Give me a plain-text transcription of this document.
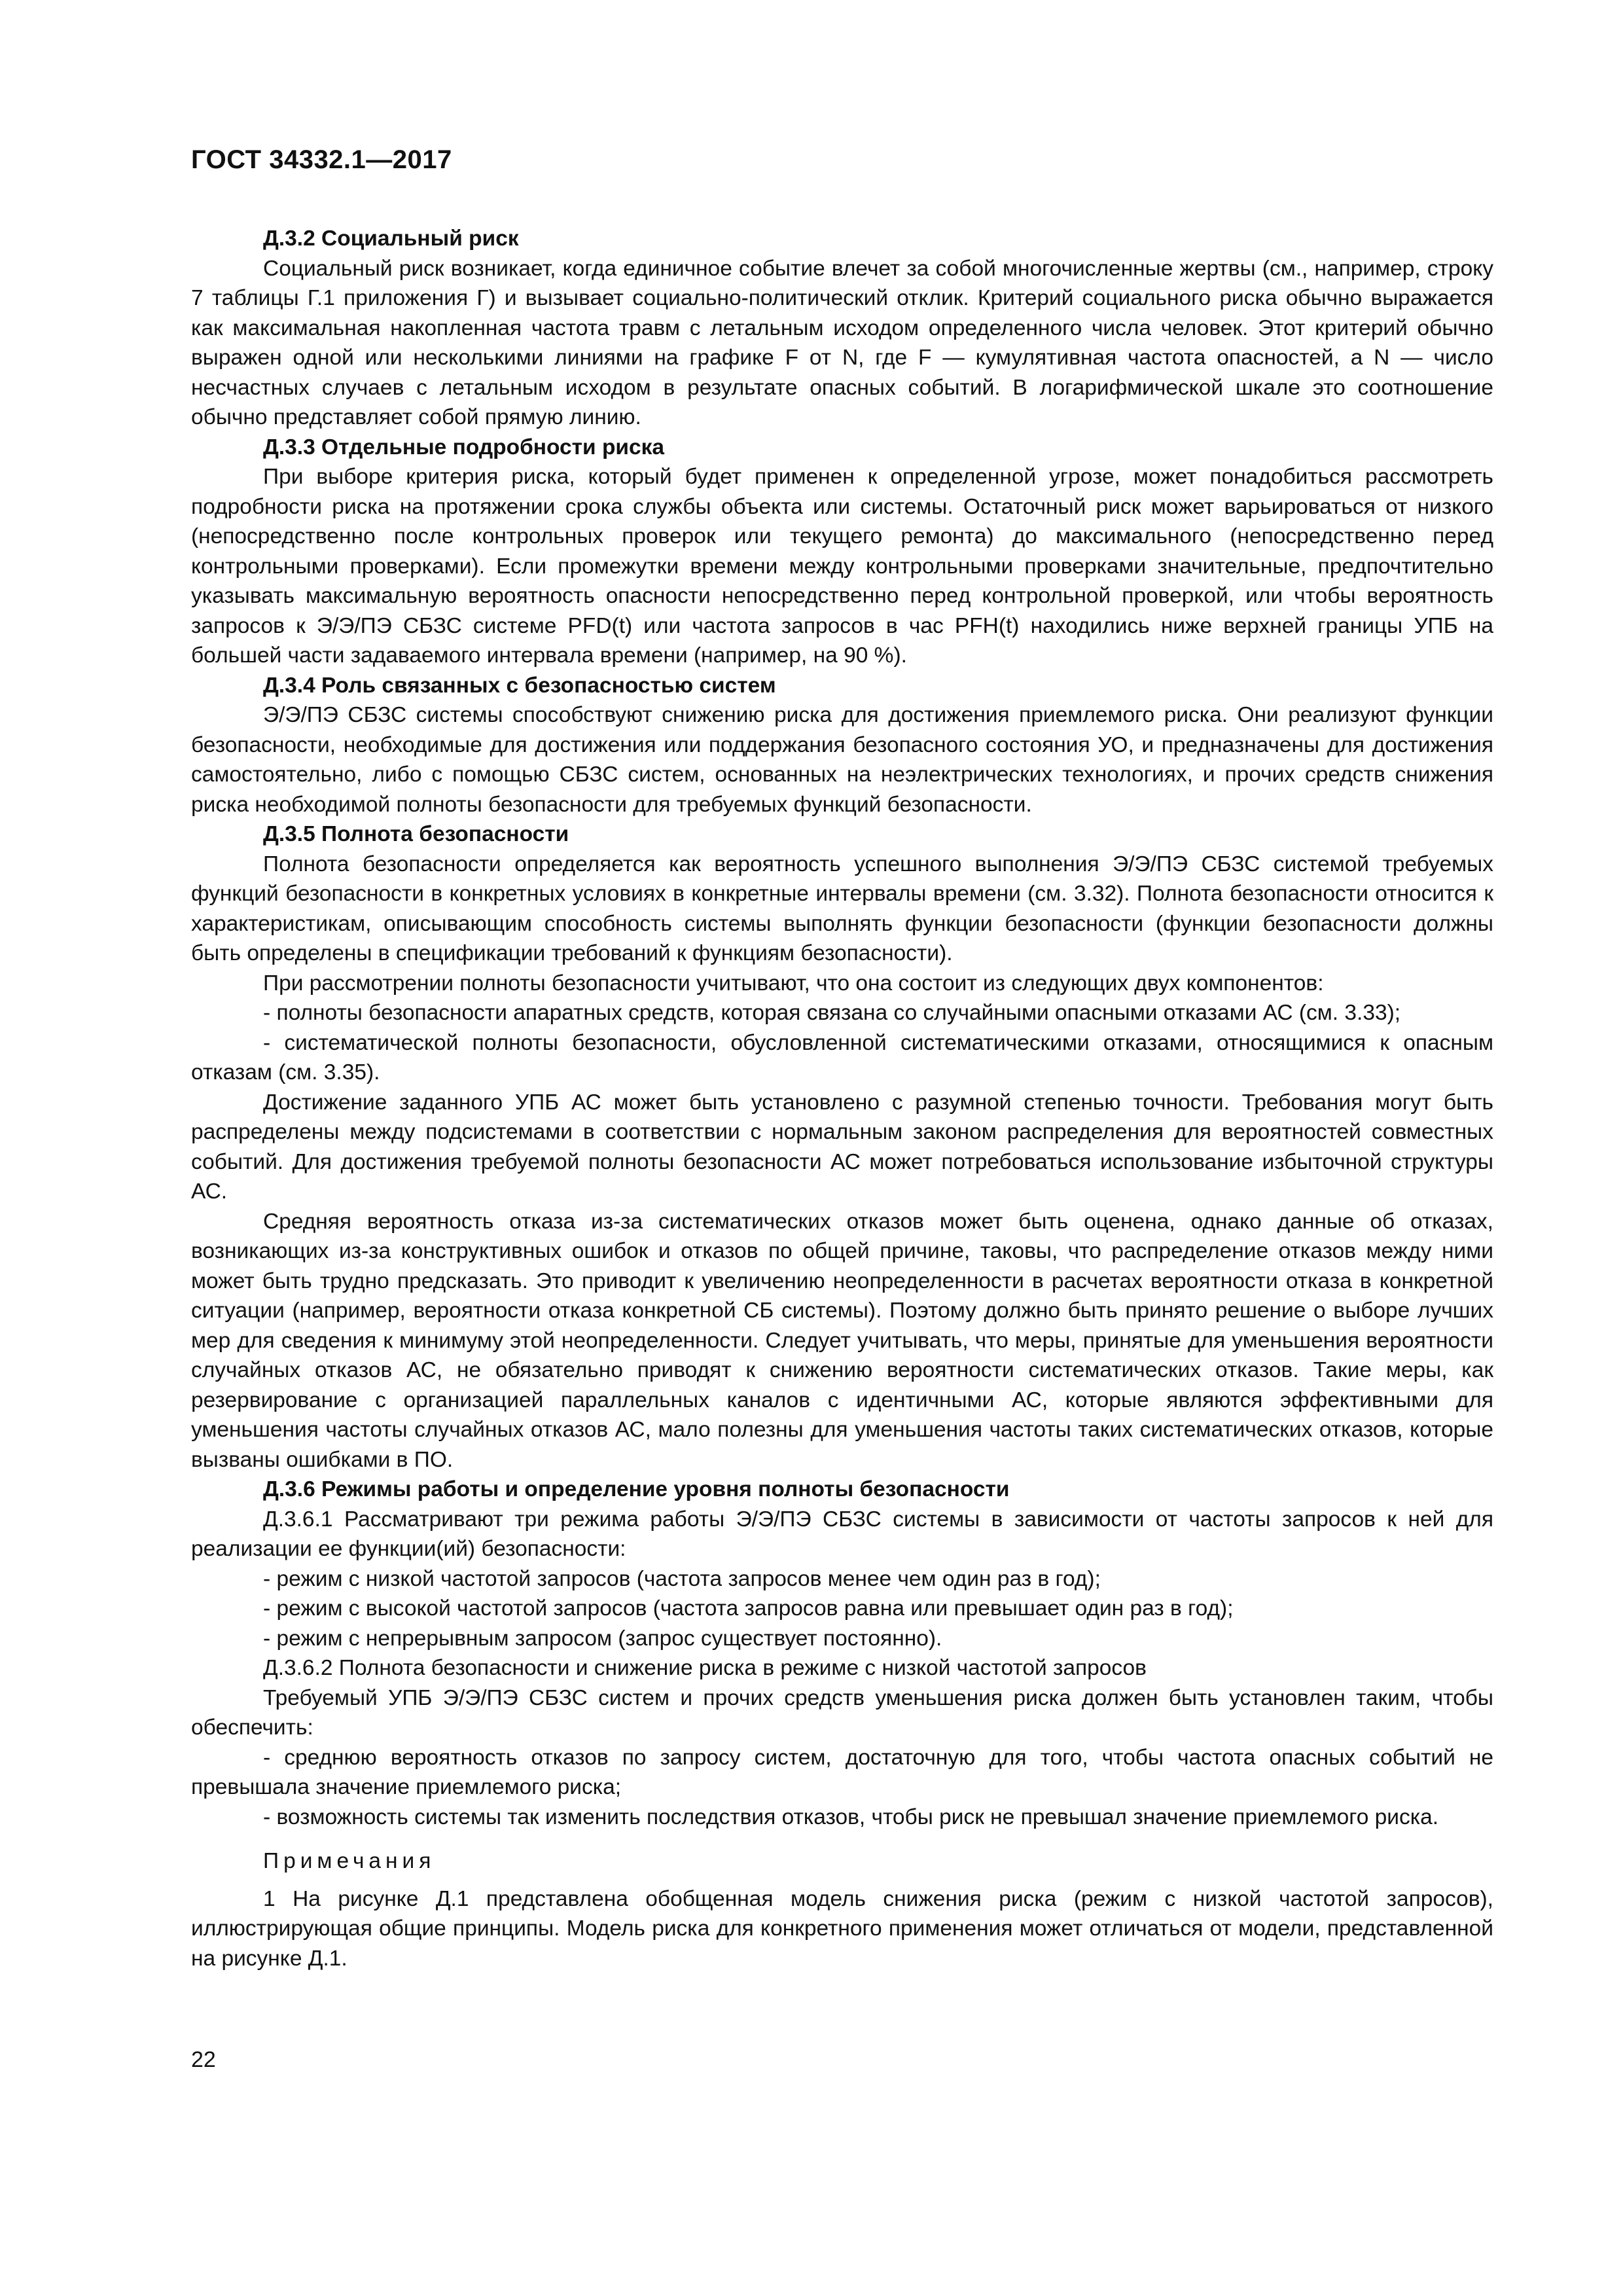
ГОСТ 34332.1—2017
Д.3.2 Социальный риск

Социальный риск возникает, когда единичное событие влечет за собой многочисленные жертвы (см., например, строку 7 таблицы Г.1 приложения Г) и вызывает социально-политический отклик. Критерий социального риска обычно выражается как максимальная накопленная частота травм с летальным исходом определенного числа человек. Этот критерий обычно выражен одной или несколькими линиями на графике F от N, где F — кумулятивная частота опасностей, а N — число несчастных случаев с летальным исходом в результате опасных событий. В логарифмической шкале это соотношение обычно представляет собой прямую линию.

Д.3.3 Отдельные подробности риска

При выборе критерия риска, который будет применен к определенной угрозе, может понадобиться рассмотреть подробности риска на протяжении срока службы объекта или системы. Остаточный риск может варьироваться от низкого (непосредственно после контрольных проверок или текущего ремонта) до максимального (непосредственно перед контрольными проверками). Если промежутки времени между контрольными проверками значительные, предпочтительно указывать максимальную вероятность опасности непосредственно перед контрольной проверкой, или чтобы вероятность запросов к Э/Э/ПЭ СБЗС системе PFD(t) или частота запросов в час PFH(t) находились ниже верхней границы УПБ на большей части задаваемого интервала времени (например, на 90 %).

Д.3.4 Роль связанных с безопасностью систем

Э/Э/ПЭ СБЗС системы способствуют снижению риска для достижения приемлемого риска. Они реализуют функции безопасности, необходимые для достижения или поддержания безопасного состояния УО, и предназначены для достижения самостоятельно, либо с помощью СБЗС систем, основанных на неэлектрических технологиях, и прочих средств снижения риска необходимой полноты безопасности для требуемых функций безопасности.

Д.3.5 Полнота безопасности

Полнота безопасности определяется как вероятность успешного выполнения Э/Э/ПЭ СБЗС системой требуемых функций безопасности в конкретных условиях в конкретные интервалы времени (см. 3.32). Полнота безопасности относится к характеристикам, описывающим способность системы выполнять функции безопасности (функции безопасности должны быть определены в спецификации требований к функциям безопасности).

При рассмотрении полноты безопасности учитывают, что она состоит из следующих двух компонентов:

- полноты безопасности апаратных средств, которая связана со случайными опасными отказами АС (см. 3.33);

- систематической полноты безопасности, обусловленной систематическими отказами, относящимися к опасным отказам (см. 3.35).

Достижение заданного УПБ АС может быть установлено с разумной степенью точности. Требования могут быть распределены между подсистемами в соответствии с нормальным законом распределения для вероятностей совместных событий. Для достижения требуемой полноты безопасности АС может потребоваться использование избыточной структуры АС.

Средняя вероятность отказа из-за систематических отказов может быть оценена, однако данные об отказах, возникающих из-за конструктивных ошибок и отказов по общей причине, таковы, что распределение отказов между ними может быть трудно предсказать. Это приводит к увеличению неопределенности в расчетах вероятности отказа в конкретной ситуации (например, вероятности отказа конкретной СБ системы). Поэтому должно быть принято решение о выборе лучших мер для сведения к минимуму этой неопределенности. Следует учитывать, что меры, принятые для уменьшения вероятности случайных отказов АС, не обязательно приводят к снижению вероятности систематических отказов. Такие меры, как резервирование с организацией параллельных каналов с идентичными АС, которые являются эффективными для уменьшения частоты случайных отказов АС, мало полезны для уменьшения частоты таких систематических отказов, которые вызваны ошибками в ПО.

Д.3.6 Режимы работы и определение уровня полноты безопасности

Д.3.6.1 Рассматривают три режима работы Э/Э/ПЭ СБЗС системы в зависимости от частоты запросов к ней для реализации ее функции(ий) безопасности:

- режим с низкой частотой запросов (частота запросов менее чем один раз в год);

- режим с высокой частотой запросов (частота запросов равна или превышает один раз в год);

- режим с непрерывным запросом (запрос существует постоянно).

Д.3.6.2 Полнота безопасности и снижение риска в режиме с низкой частотой запросов

Требуемый УПБ Э/Э/ПЭ СБЗС систем и прочих средств уменьшения риска должен быть установлен таким, чтобы обеспечить:

- среднюю вероятность отказов по запросу систем, достаточную для того, чтобы частота опасных событий не превышала значение приемлемого риска;

- возможность системы так изменить последствия отказов, чтобы риск не превышал значение приемлемого риска.

Примечания

1 На рисунке Д.1 представлена обобщенная модель снижения риска (режим с низкой частотой запросов), иллюстрирующая общие принципы. Модель риска для конкретного применения может отличаться от модели, представленной на рисунке Д.1.

22
